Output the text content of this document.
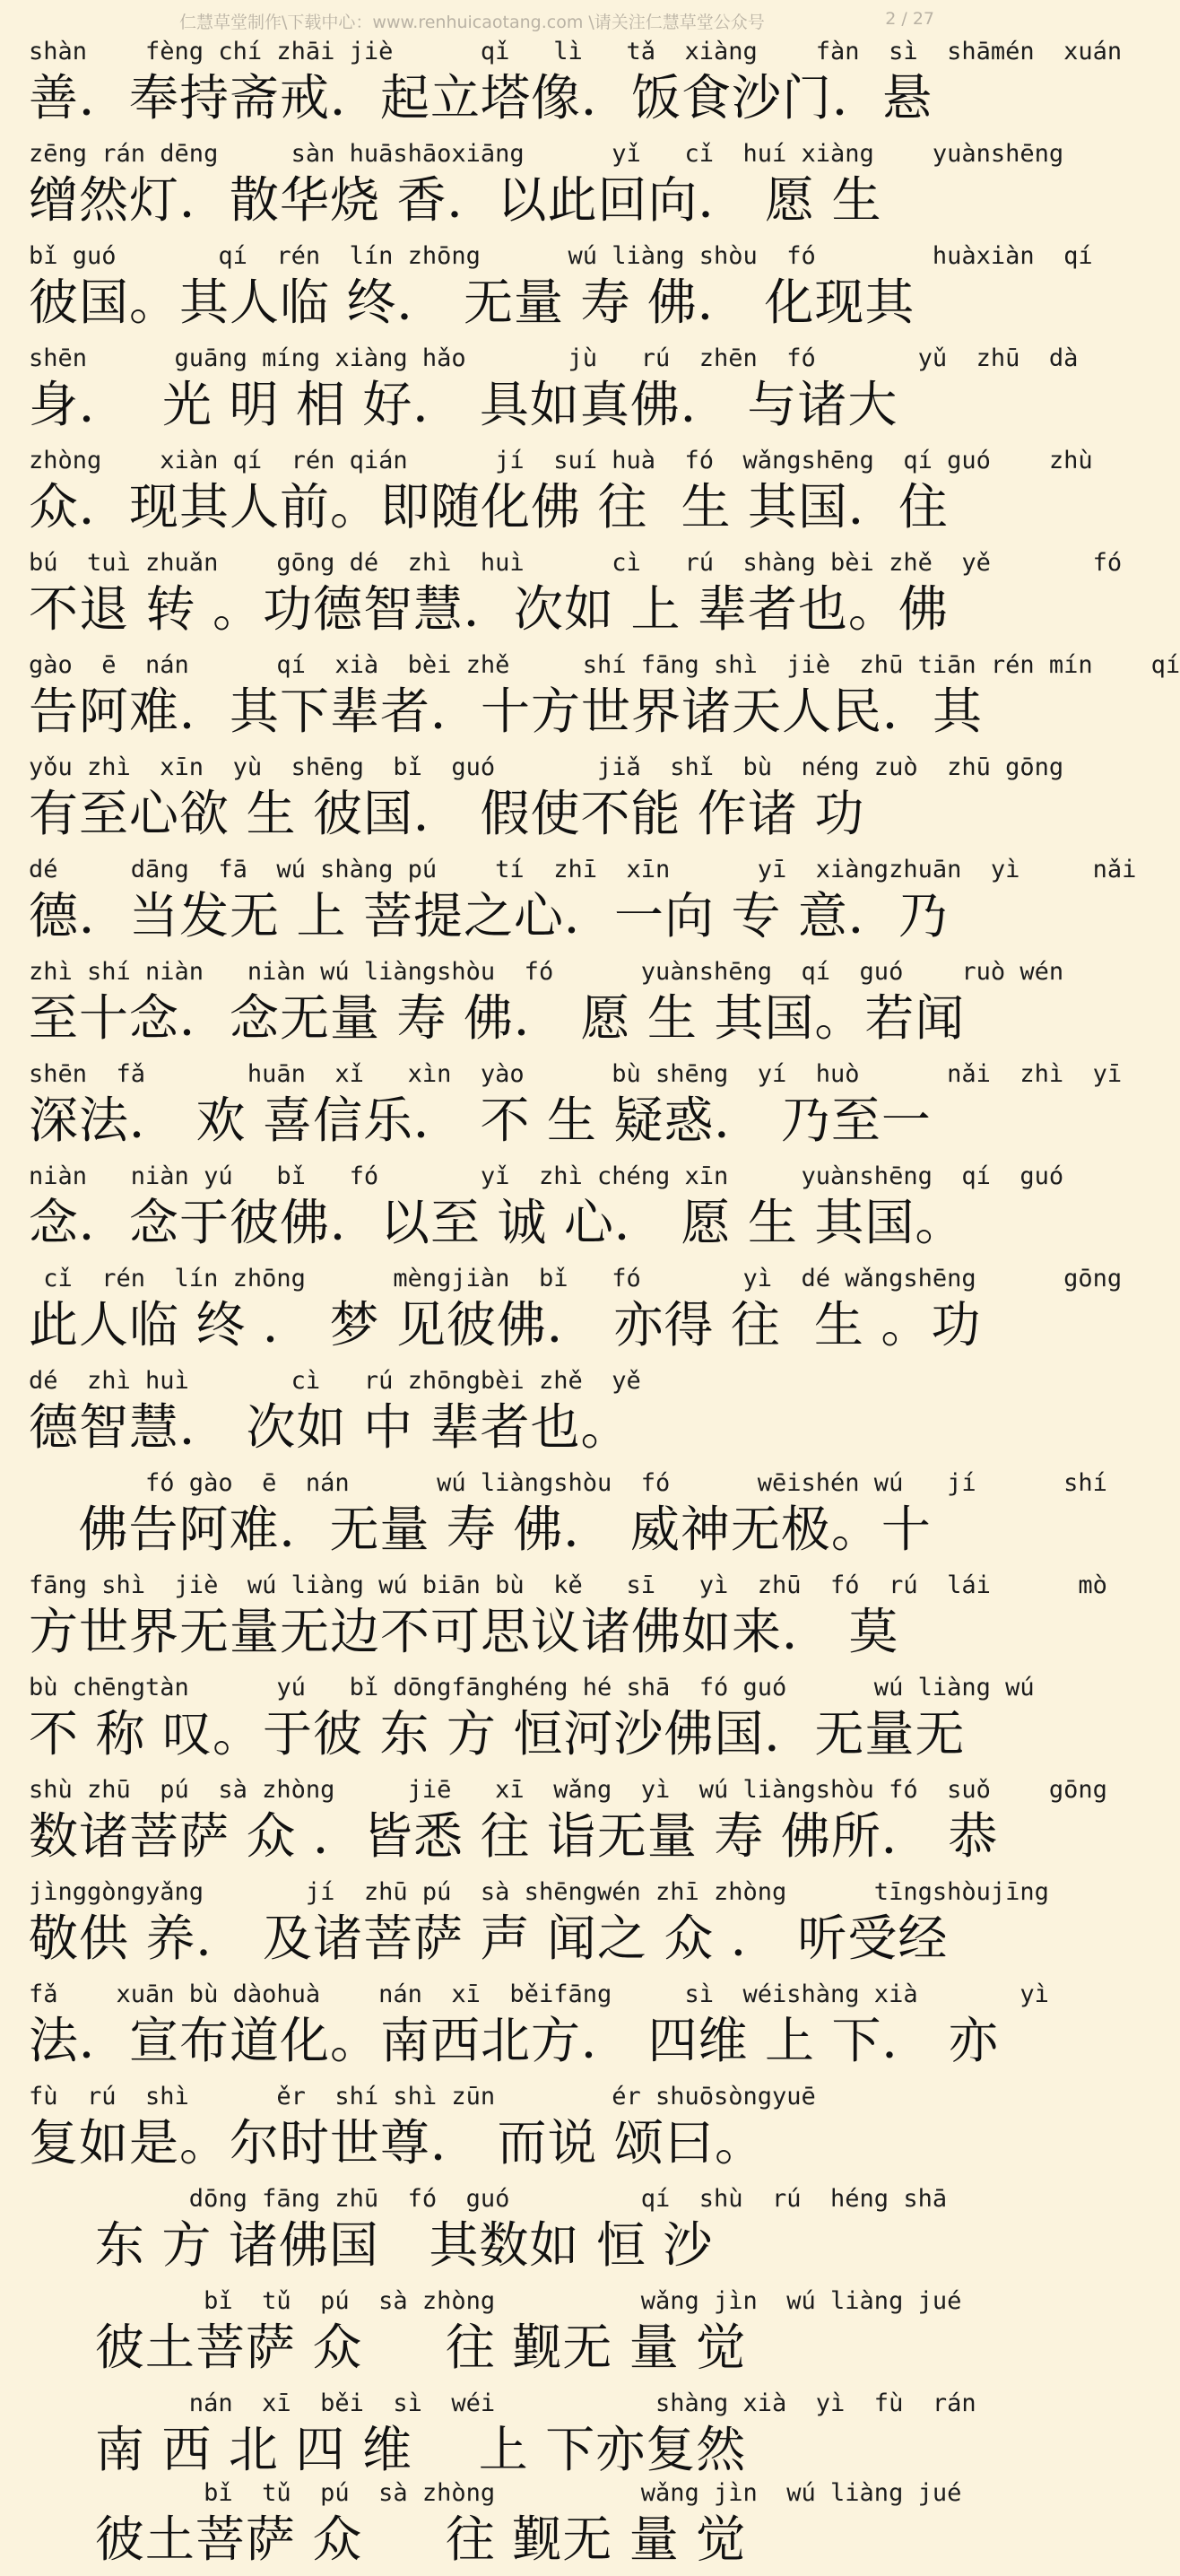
仁慧草堂制作\下载中心：www.renhuicaotang.com \请关注仁慧草堂公众号	2 / 27
shàn    fèng chí zhāi jiè      qǐ   lì   tǎ  xiàng    fàn  sì  shāmén  xuán
善．奉持斋戒．起立塔像．饭食沙门．悬
zēng rán dēng     sàn huāshāoxiāng      yǐ   cǐ  huí xiàng    yuànshēng
缯然灯．散华烧 香．以此回向． 愿 生
bǐ guó       qí  rén  lín zhōng      wú liàng shòu  fó        huàxiàn  qí
彼国。其人临 终． 无量 寿 佛． 化现其
shēn      guāng míng xiàng hǎo       jù   rú  zhēn  fó       yǔ  zhū  dà
身．  光 明 相 好． 具如真佛． 与诸大
zhòng    xiàn qí  rén qián      jí  suí huà  fó  wǎngshēng  qí guó    zhù
众．现其人前。即随化佛 往  生 其国．住
bú  tuì zhuǎn    gōng dé  zhì  huì      cì   rú  shàng bèi zhě  yě       fó
不退 转 。功德智慧．次如 上 辈者也。佛
gào  ē  nán      qí  xià  bèi zhě     shí fāng shì  jiè  zhū tiān rén mín    qí
告阿难．其下辈者．十方世界诸天人民．其
yǒu zhì  xīn  yù  shēng  bǐ  guó       jiǎ  shǐ  bù  néng zuò  zhū gōng
有至心欲 生 彼国． 假使不能 作诸 功
dé     dāng  fā  wú shàng pú    tí  zhī  xīn      yī  xiàngzhuān  yì     nǎi
德．当发无 上 菩提之心．一向 专 意．乃
zhì shí niàn   niàn wú liàngshòu  fó      yuànshēng  qí  guó    ruò wén
至十念．念无量 寿 佛． 愿 生 其国。若闻
shēn  fǎ       huān  xǐ   xìn  yào      bù shēng  yí  huò      nǎi  zhì  yī
深法． 欢 喜信乐． 不 生 疑惑． 乃至一
niàn   niàn yú   bǐ   fó       yǐ  zhì chéng xīn     yuànshēng  qí  guó
念．念于彼佛．以至 诚 心． 愿 生 其国。
cǐ  rén  lín zhōng      mèngjiàn  bǐ   fó       yì  dé wǎngshēng      gōng
此人临 终 ． 梦 见彼佛． 亦得 往  生 。功
dé  zhì huì       cì   rú zhōngbèi zhě  yě
德智慧． 次如 中 辈者也。
fó gào  ē  nán      wú liàngshòu  fó      wēishén wú   jí      shí
佛告阿难．无量 寿 佛． 威神无极。十
fāng shì  jiè  wú liàng wú biān bù  kě   sī   yì  zhū  fó  rú  lái      mò
方世界无量无边不可思议诸佛如来． 莫
bù chēngtàn      yú   bǐ dōngfānghéng hé shā  fó guó      wú liàng wú
不 称 叹。于彼 东 方 恒河沙佛国．无量无
shù zhū  pú  sà zhòng     jiē   xī  wǎng  yì  wú liàngshòu fó  suǒ    gōng
数诸菩萨 众 ．皆悉 往 诣无量 寿 佛所． 恭
jìnggòngyǎng       jí  zhū pú  sà shēngwén zhī zhòng      tīngshòujīng
敬供 养． 及诸菩萨 声 闻之 众 ． 听受经
fǎ    xuān bù dàohuà    nán  xī  běifāng     sì  wéishàng xià       yì
法．宣布道化。南西北方． 四维 上 下． 亦
fù  rú  shì      ěr  shí shì zūn        ér shuōsòngyuē
复如是。尔时世尊． 而说 颂曰。
dōng fāng zhū  fó  guó         qí  shù  rú  héng shā
东 方 诸佛国   其数如 恒 沙
bǐ  tǔ  pú  sà zhòng          wǎng jìn  wú liàng jué
彼土菩萨 众     往 觐无 量 觉
nán  xī  běi  sì  wéi           shàng xià  yì  fù  rán
南 西 北 四 维    上 下亦复然
bǐ  tǔ  pú  sà zhòng          wǎng jìn  wú liàng jué
彼土菩萨 众     往 觐无 量 觉
